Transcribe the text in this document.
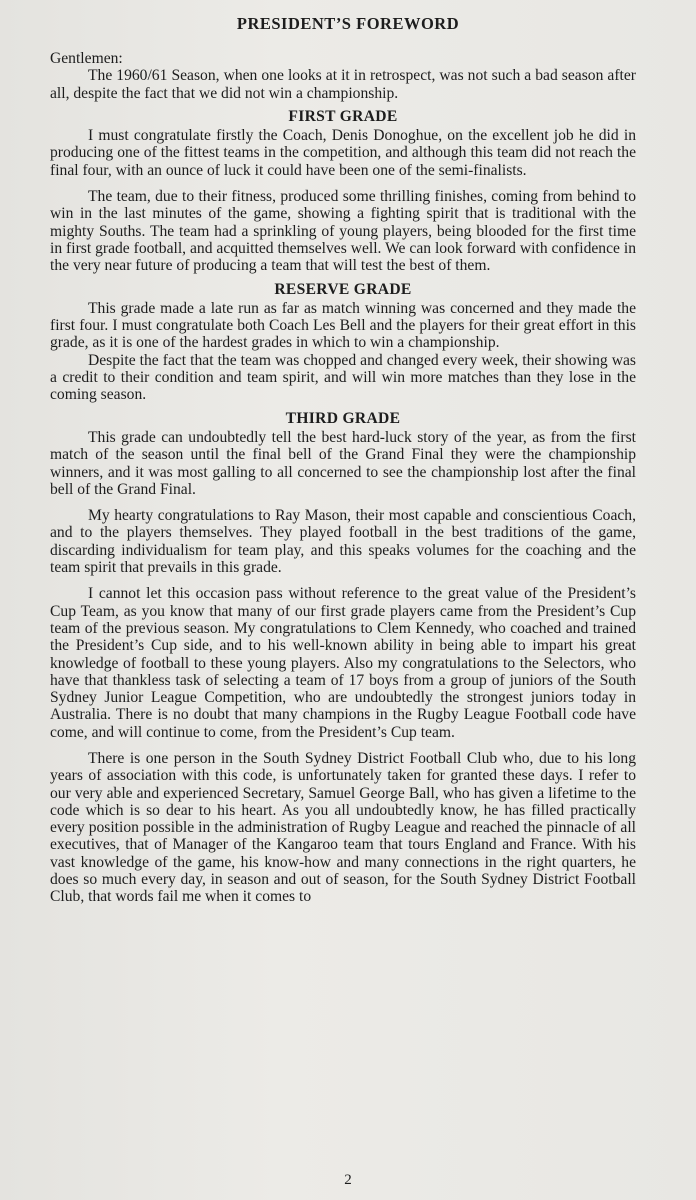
PRESIDENT’S FOREWORD

Gentlemen:

The 1960/61 Season, when one looks at it in retrospect, was not such a bad season after all, despite the fact that we did not win a championship.

FIRST GRADE

I must congratulate firstly the Coach, Denis Donoghue, on the excellent job he did in producing one of the fittest teams in the competition, and although this team did not reach the final four, with an ounce of luck it could have been one of the semi-finalists.

The team, due to their fitness, produced some thrilling finishes, coming from behind to win in the last minutes of the game, showing a fighting spirit that is traditional with the mighty Souths. The team had a sprinkling of young players, being blooded for the first time in first grade football, and acquitted themselves well. We can look forward with confidence in the very near future of producing a team that will test the best of them.

RESERVE GRADE

This grade made a late run as far as match winning was concerned and they made the first four. I must congratulate both Coach Les Bell and the players for their great effort in this grade, as it is one of the hardest grades in which to win a championship.

Despite the fact that the team was chopped and changed every week, their showing was a credit to their condition and team spirit, and will win more matches than they lose in the coming season.

THIRD GRADE

This grade can undoubtedly tell the best hard-luck story of the year, as from the first match of the season until the final bell of the Grand Final they were the championship winners, and it was most galling to all concerned to see the championship lost after the final bell of the Grand Final.

My hearty congratulations to Ray Mason, their most capable and conscientious Coach, and to the players themselves. They played football in the best traditions of the game, discarding individualism for team play, and this speaks volumes for the coaching and the team spirit that prevails in this grade.

I cannot let this occasion pass without reference to the great value of the President’s Cup Team, as you know that many of our first grade players came from the President’s Cup team of the previous season. My congratulations to Clem Kennedy, who coached and trained the President’s Cup side, and to his well-known ability in being able to impart his great knowledge of football to these young players. Also my congratulations to the Selectors, who have that thankless task of selecting a team of 17 boys from a group of juniors of the South Sydney Junior League Competition, who are undoubtedly the strongest juniors today in Australia. There is no doubt that many champions in the Rugby League Football code have come, and will continue to come, from the President’s Cup team.

There is one person in the South Sydney District Football Club who, due to his long years of association with this code, is unfortunately taken for granted these days. I refer to our very able and experienced Secretary, Samuel George Ball, who has given a lifetime to the code which is so dear to his heart. As you all undoubtedly know, he has filled practically every position possible in the administration of Rugby League and reached the pinnacle of all executives, that of Manager of the Kangaroo team that tours England and France. With his vast knowledge of the game, his know-how and many connections in the right quarters, he does so much every day, in season and out of season, for the South Sydney District Football Club, that words fail me when it comes to

2
